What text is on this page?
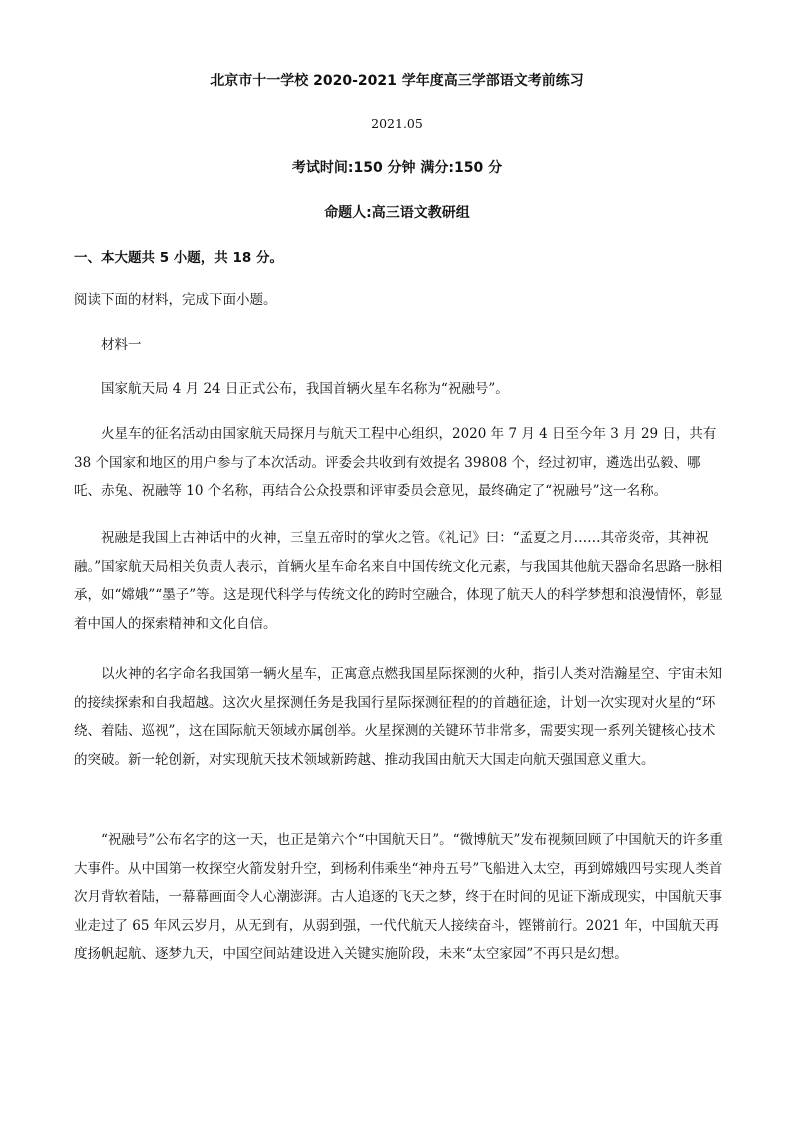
北京市十一学校 2020-2021 学年度高三学部语文考前练习
2021.05
考试时间:150 分钟 满分:150 分
命题人:高三语文教研组
一、本大题共 5 小题，共 18 分。
阅读下面的材料，完成下面小题。
材料一
国家航天局 4 月 24 日正式公布，我国首辆火星车名称为“祝融号”。
火星车的征名活动由国家航天局探月与航天工程中心组织，2020 年 7 月 4 日至今年 3 月 29 日，共有 38 个国家和地区的用户参与了本次活动。评委会共收到有效提名 39808 个，经过初审，遴选出弘毅、哪吒、赤兔、祝融等 10 个名称，再结合公众投票和评审委员会意见，最终确定了“祝融号”这一名称。
祝融是我国上古神话中的火神，三皇五帝时的掌火之管。《礼记》曰：“孟夏之月……其帝炎帝，其神祝融。”国家航天局相关负责人表示，首辆火星车命名来自中国传统文化元素，与我国其他航天器命名思路一脉相承，如“嫦娥”“墨子”等。这是现代科学与传统文化的跨时空融合，体现了航天人的科学梦想和浪漫情怀，彰显着中国人的探索精神和文化自信。
以火神的名字命名我国第一辆火星车，正寓意点燃我国星际探测的火种，指引人类对浩瀚星空、宇宙未知的接续探索和自我超越。这次火星探测任务是我国行星际探测征程的的首趟征途，计划一次实现对火星的“环绕、着陆、巡视”，这在国际航天领域亦属创举。火星探测的关键环节非常多，需要实现一系列关键核心技术的突破。新一轮创新，对实现航天技术领域新跨越、推动我国由航天大国走向航天强国意义重大。
“祝融号”公布名字的这一天，也正是第六个“中国航天日”。“微博航天”发布视频回顾了中国航天的许多重大事件。从中国第一枚探空火箭发射升空，到杨利伟乘坐“神舟五号”飞船进入太空，再到嫦娥四号实现人类首次月背软着陆，一幕幕画面令人心潮澎湃。古人追逐的飞天之梦，终于在时间的见证下渐成现实，中国航天事业走过了 65 年风云岁月，从无到有，从弱到强，一代代航天人接续奋斗，铿锵前行。2021 年，中国航天再度扬帆起航、逐梦九天，中国空间站建设进入关键实施阶段，未来“太空家园”不再只是幻想。
